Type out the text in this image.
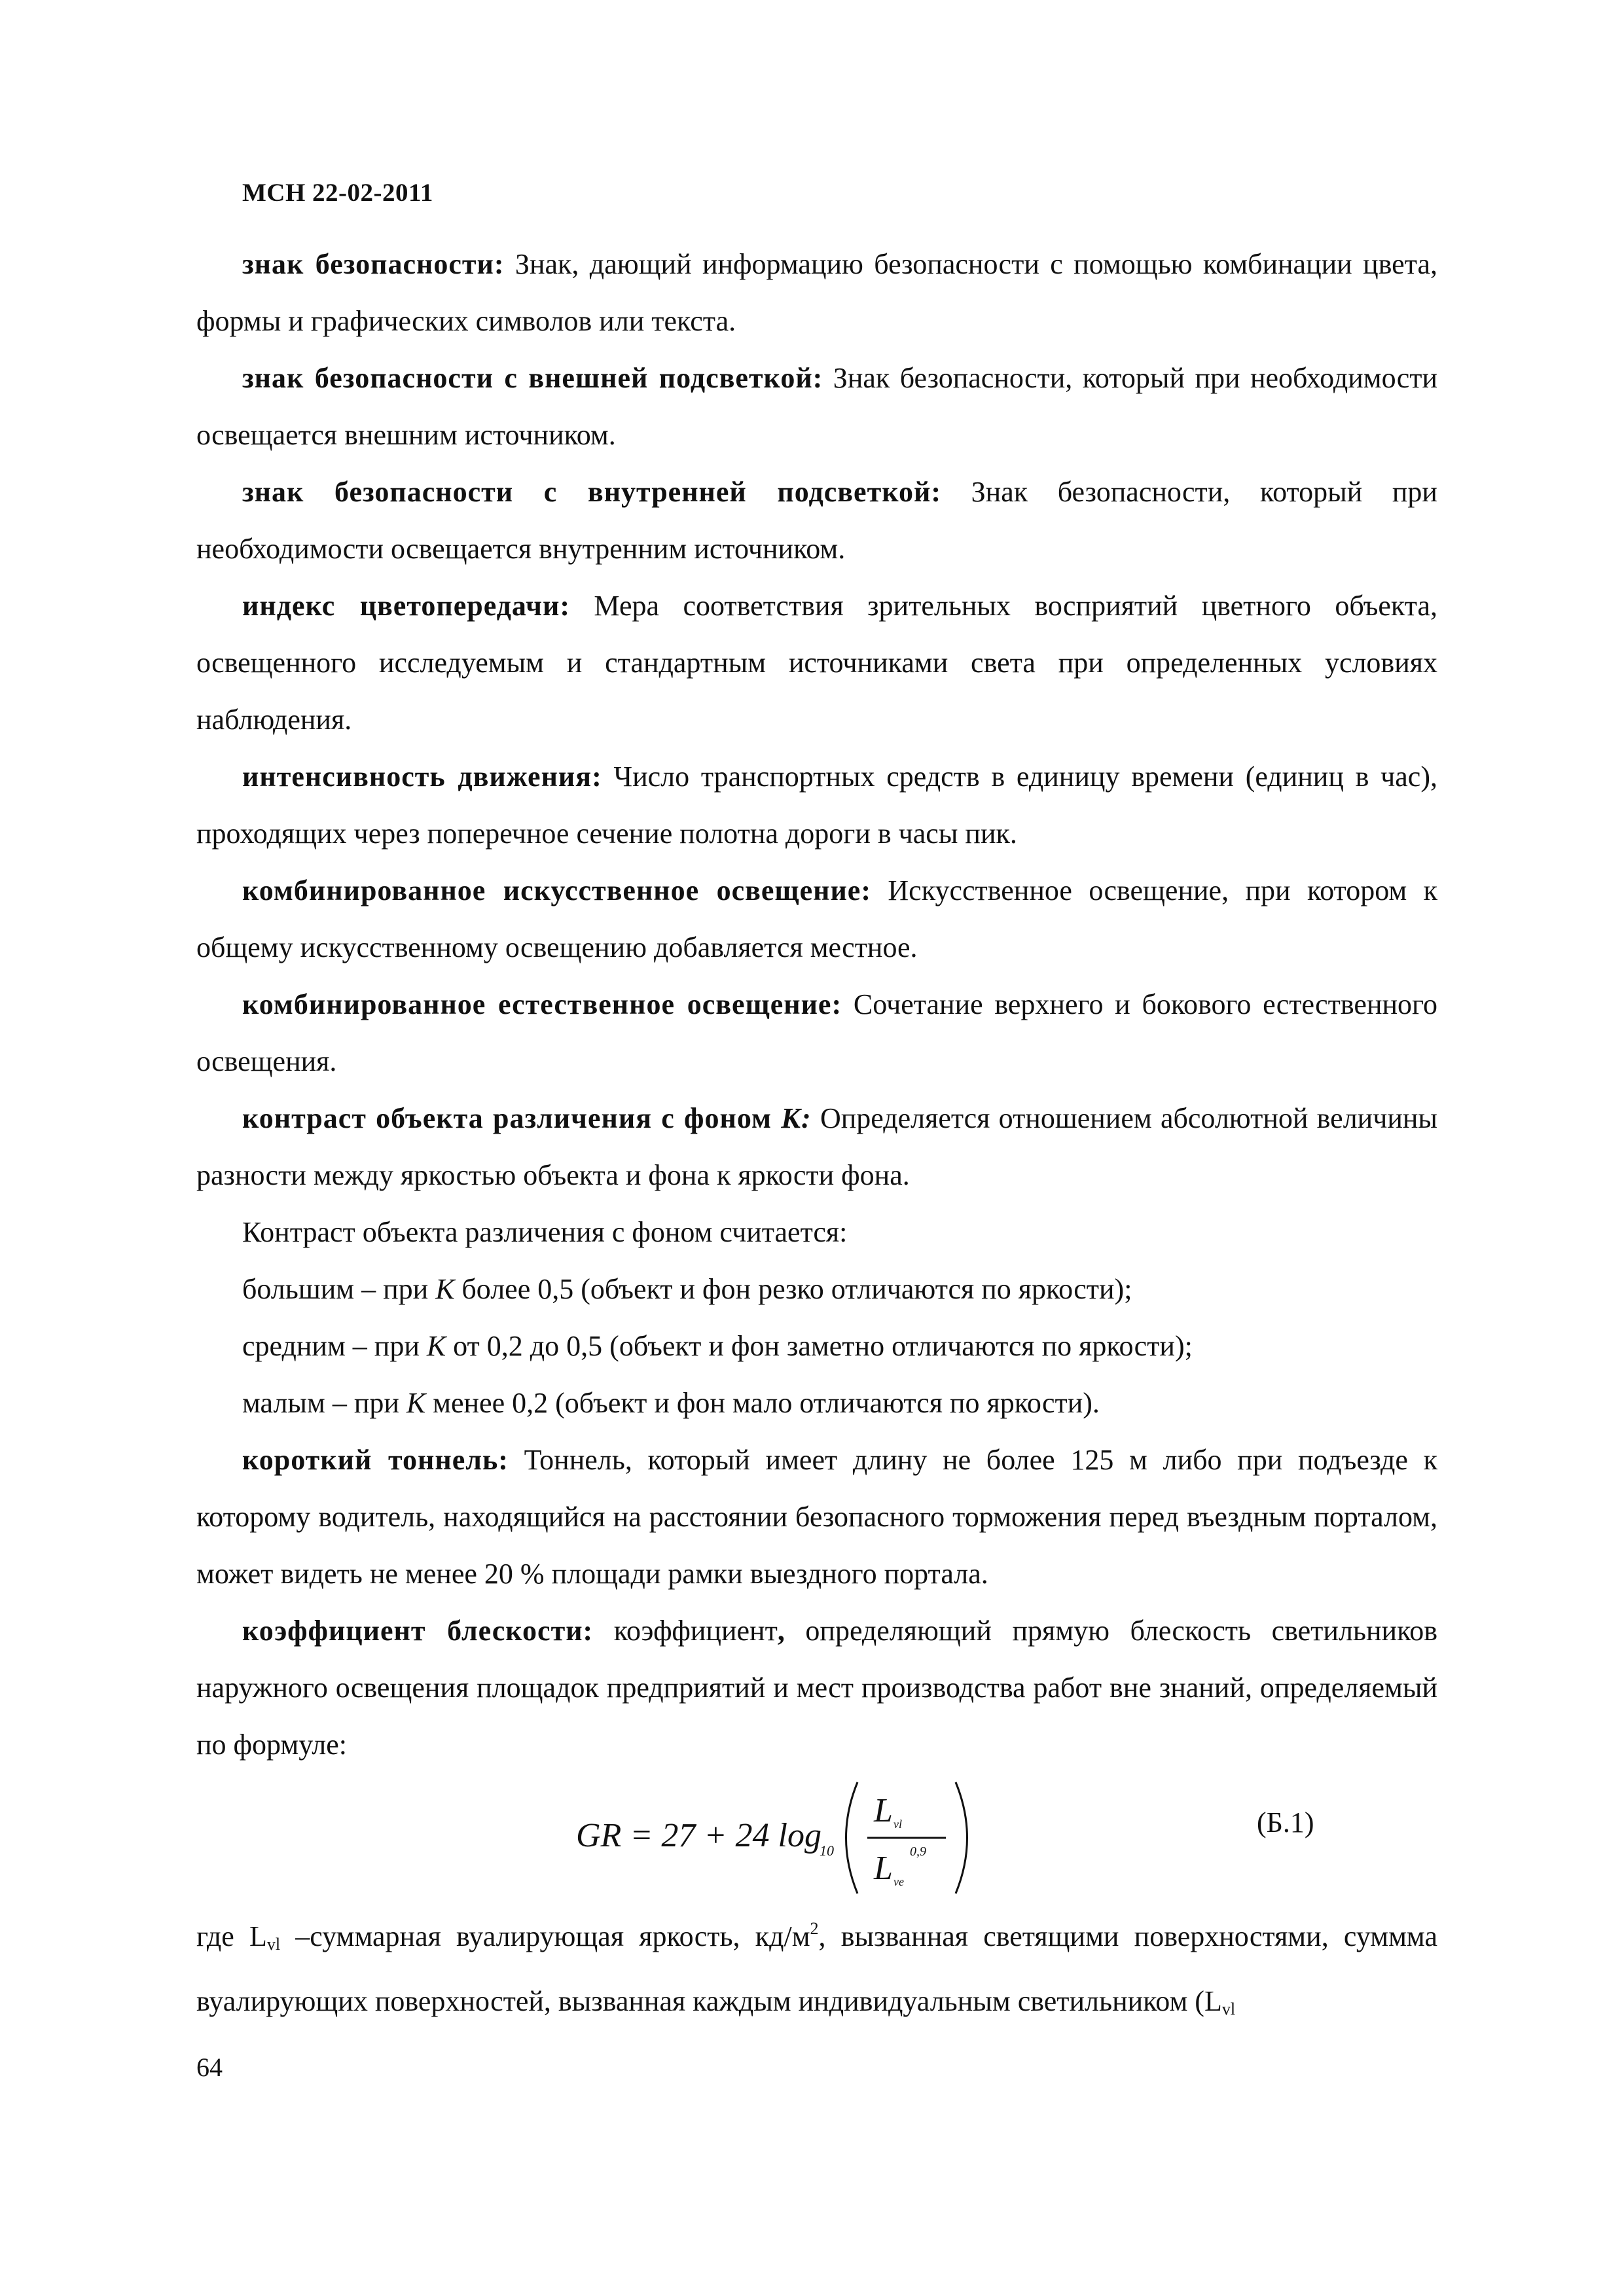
МСН 22-02-2011

знак безопасности: Знак, дающий информацию безопасности с помощью комбинации цвета, формы и графических символов или текста.

знак безопасности с внешней подсветкой: Знак безопасности, который при необходимости освещается внешним источником.

знак безопасности с внутренней подсветкой: Знак безопасности, который при необходимости освещается внутренним источником.

индекс цветопередачи: Мера соответствия зрительных восприятий цветного объекта, освещенного исследуемым и стандартным источниками света при определенных условиях наблюдения.

интенсивность движения: Число транспортных средств в единицу времени (единиц в час), проходящих через поперечное сечение полотна дороги в часы пик.

комбинированное искусственное освещение: Искусственное освещение, при котором к общему искусственному освещению добавляется местное.

комбинированное естественное освещение: Сочетание верхнего и бокового естественного освещения.

контраст объекта различения с фоном К: Определяется отношением абсолютной величины разности между яркостью объекта и фона к яркости фона.

Контраст объекта различения с фоном считается:

большим – при К более 0,5 (объект и фон резко отличаются по яркости);

средним – при К от 0,2 до 0,5 (объект и фон заметно отличаются по яркости);

малым – при К менее 0,2 (объект и фон мало отличаются по яркости).

короткий тоннель: Тоннель, который имеет длину не более 125 м либо при подъезде к которому водитель, находящийся на расстоянии безопасного торможения перед въездным порталом, может видеть не менее 20 % площади рамки выездного портала.

коэффициент блескости: коэффициент, определяющий прямую блескость светильников наружного освещения площадок предприятий и мест производства работ вне знаний, определяемый по формуле:

GR = 27 + 24 log
10
L vl
L ve
0,9
(Б.1)

где $L_{vl}$ –суммарная вуалирующая яркость, $кд/м^2$, вызванная светящими поверхностями, суммма вуалирующих поверхностей, вызванная каждым индивидуальным светильником ($L_{vl}$

64
